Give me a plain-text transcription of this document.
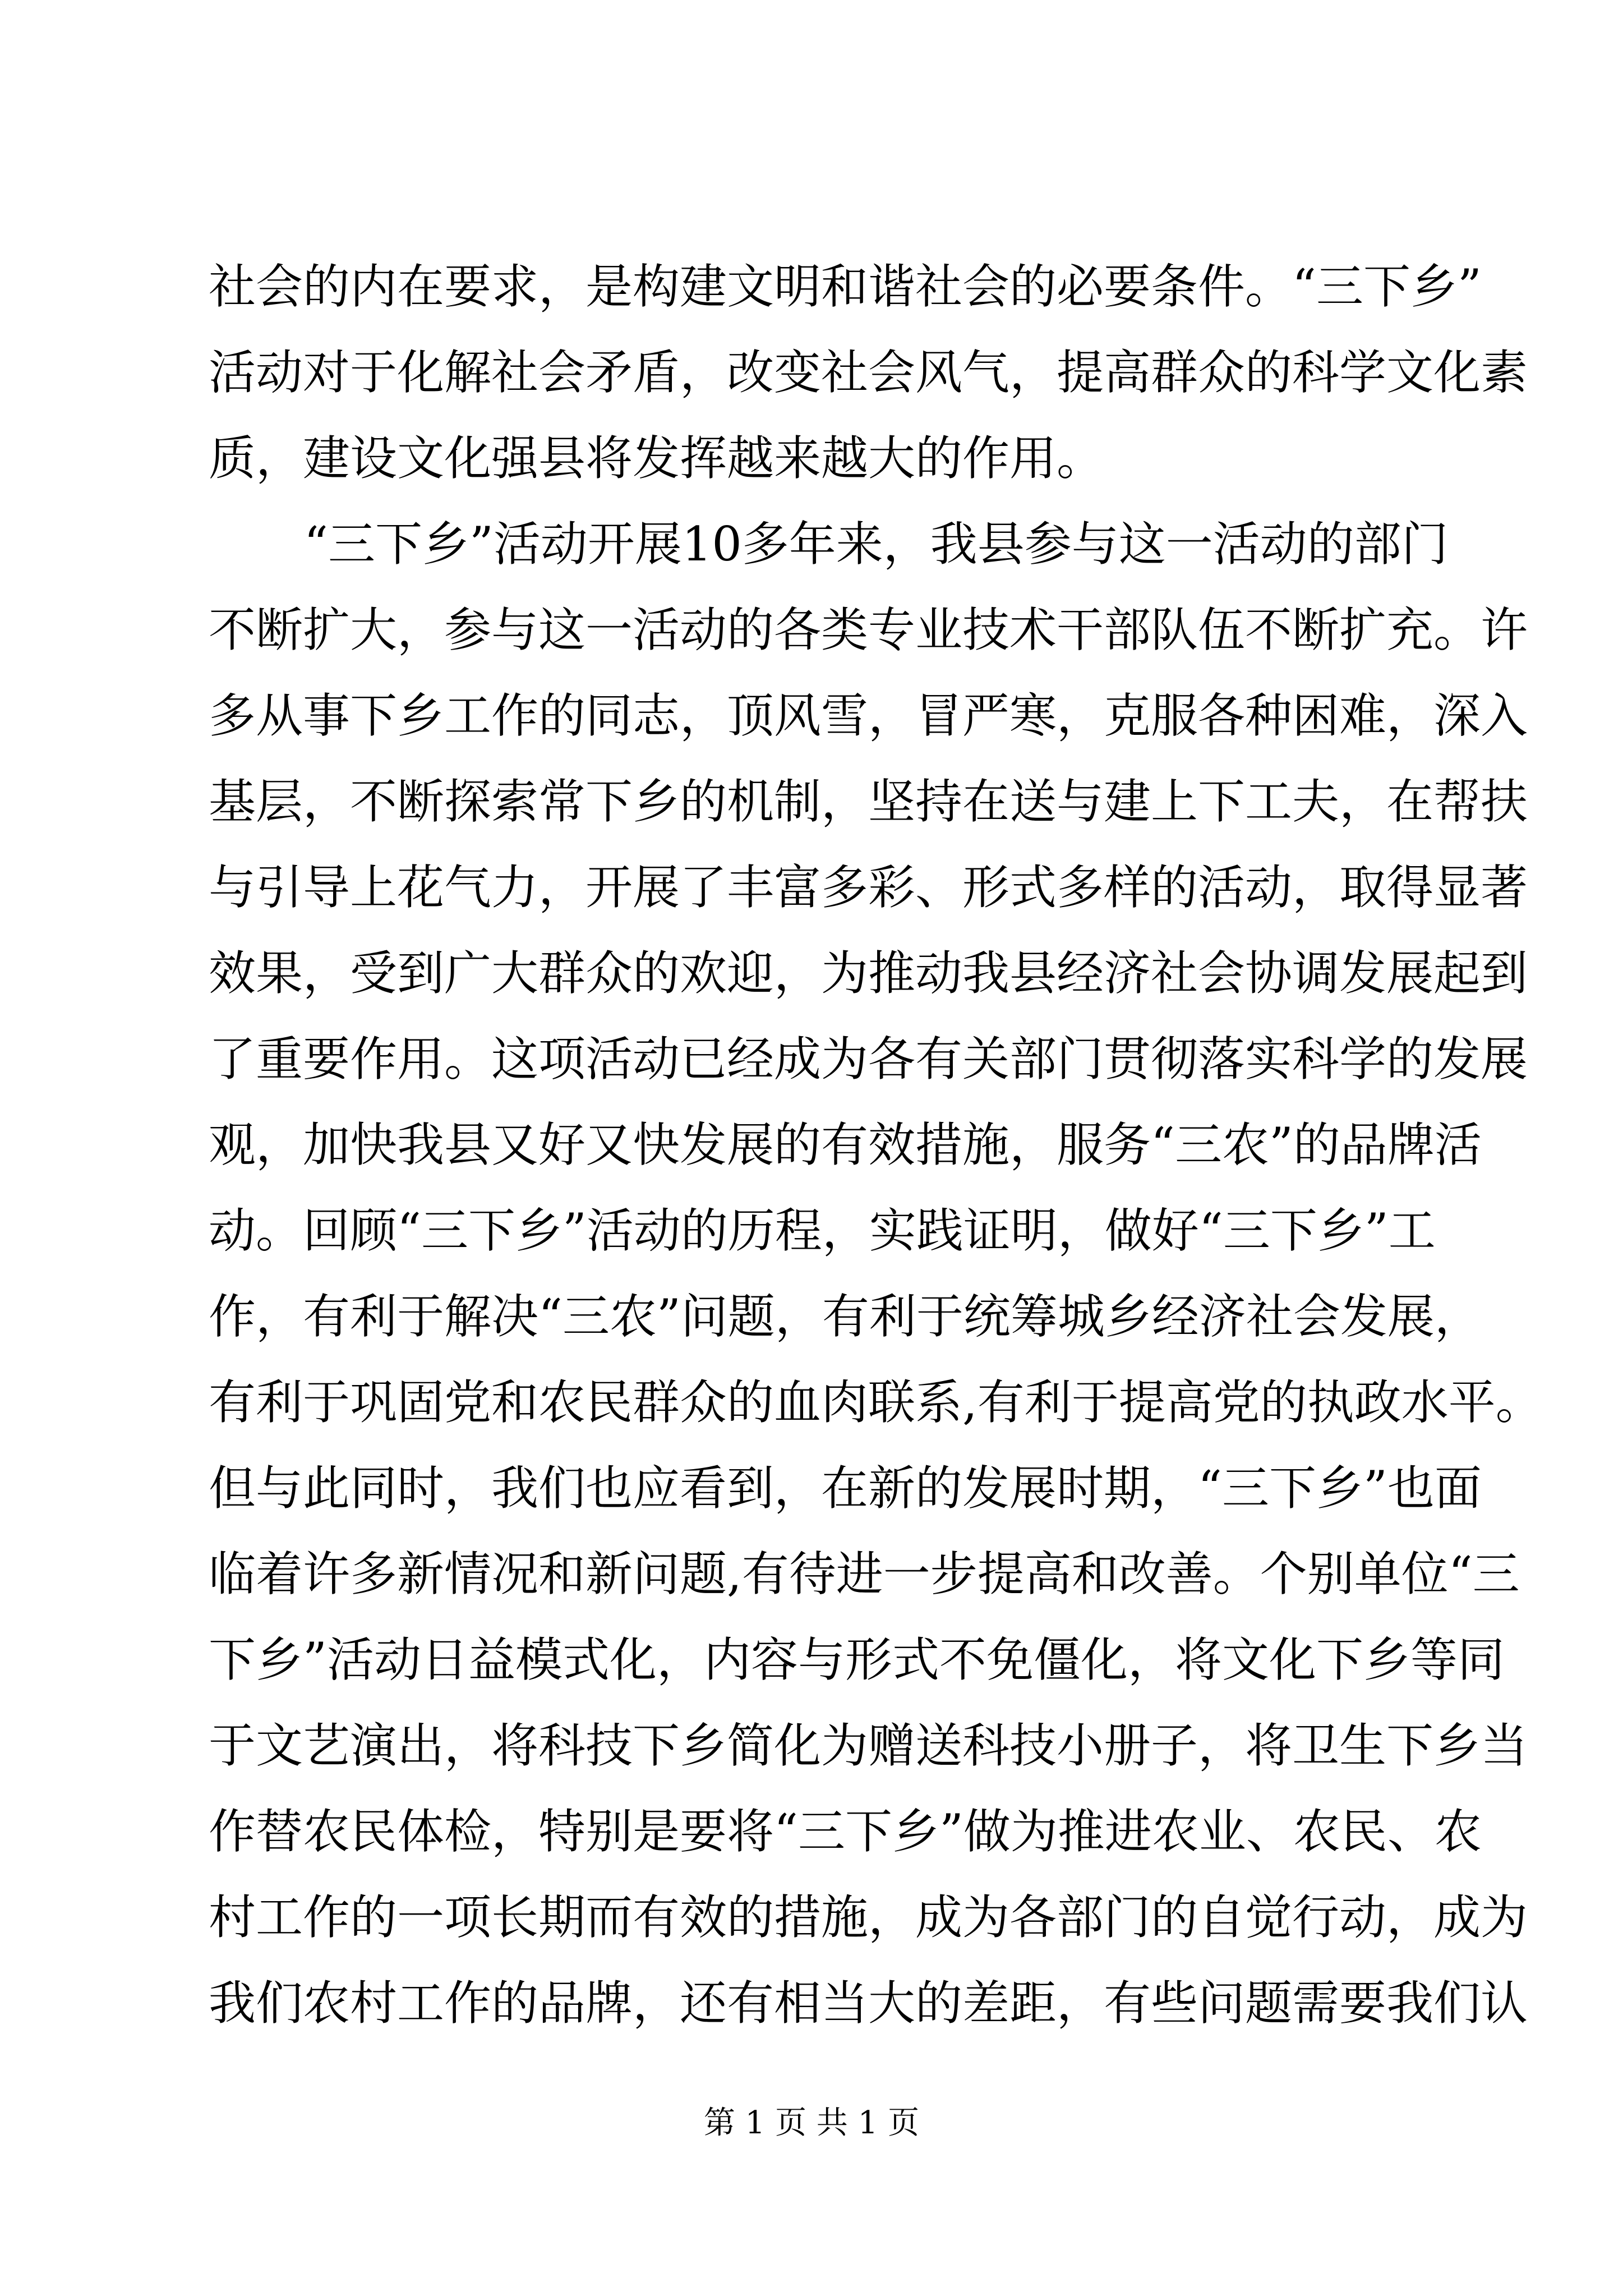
社会的内在要求，是构建文明和谐社会的必要条件。“三下乡”
活动对于化解社会矛盾，改变社会风气，提高群众的科学文化素
质，建设文化强县将发挥越来越大的作用。
“三下乡”活动开展10多年来，我县参与这一活动的部门
不断扩大，参与这一活动的各类专业技术干部队伍不断扩充。许
多从事下乡工作的同志，顶风雪，冒严寒，克服各种困难，深入
基层，不断探索常下乡的机制，坚持在送与建上下工夫，在帮扶
与引导上花气力，开展了丰富多彩、形式多样的活动，取得显著
效果，受到广大群众的欢迎，为推动我县经济社会协调发展起到
了重要作用。这项活动已经成为各有关部门贯彻落实科学的发展
观，加快我县又好又快发展的有效措施，服务“三农”的品牌活
动。回顾“三下乡”活动的历程，实践证明，做好“三下乡”工
作，有利于解决“三农”问题，有利于统筹城乡经济社会发展，
有利于巩固党和农民群众的血肉联系,有利于提高党的执政水平。
但与此同时，我们也应看到，在新的发展时期，“三下乡”也面
临着许多新情况和新问题,有待进一步提高和改善。个别单位“三
下乡”活动日益模式化，内容与形式不免僵化，将文化下乡等同
于文艺演出，将科技下乡简化为赠送科技小册子，将卫生下乡当
作替农民体检，特别是要将“三下乡”做为推进农业、农民、农
村工作的一项长期而有效的措施，成为各部门的自觉行动，成为
我们农村工作的品牌，还有相当大的差距，有些问题需要我们认
第 1 页 共 1 页
